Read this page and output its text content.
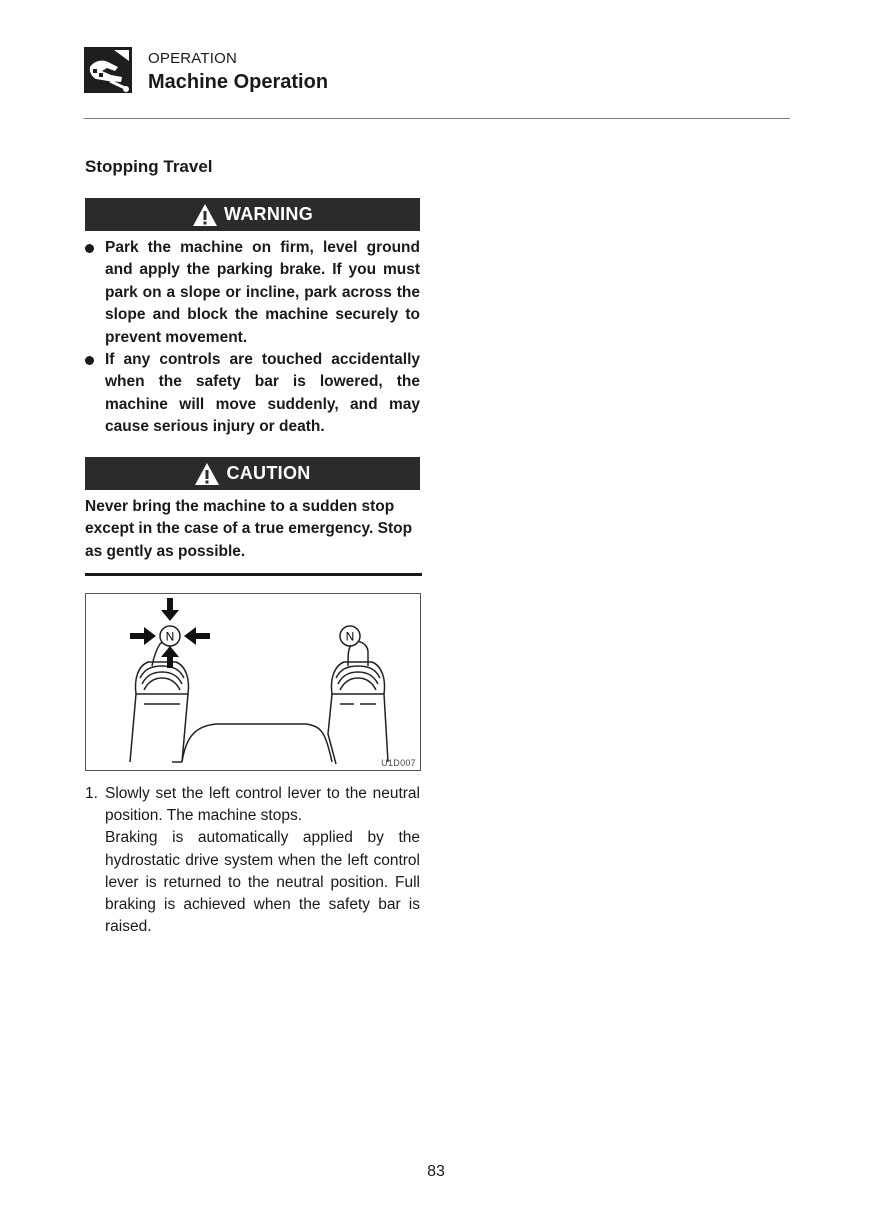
OPERATION
Machine Operation
Stopping Travel
WARNING
Park the machine on firm, level ground and apply the parking brake. If you must park on a slope or incline, park across the slope and block the machine securely to prevent movement.
If any controls are touched accidentally when the safety bar is lowered, the machine will move suddenly, and may cause serious injury or death.
CAUTION
Never bring the machine to a sudden stop except in the case of a true emergency. Stop as gently as possible.
N	N
U1D007
1. Slowly set the left control lever to the neutral position. The machine stops.

Braking is automatically applied by the hydrostatic drive system when the left control lever is returned to the neutral position. Full braking is achieved when the safety bar is raised.

83
